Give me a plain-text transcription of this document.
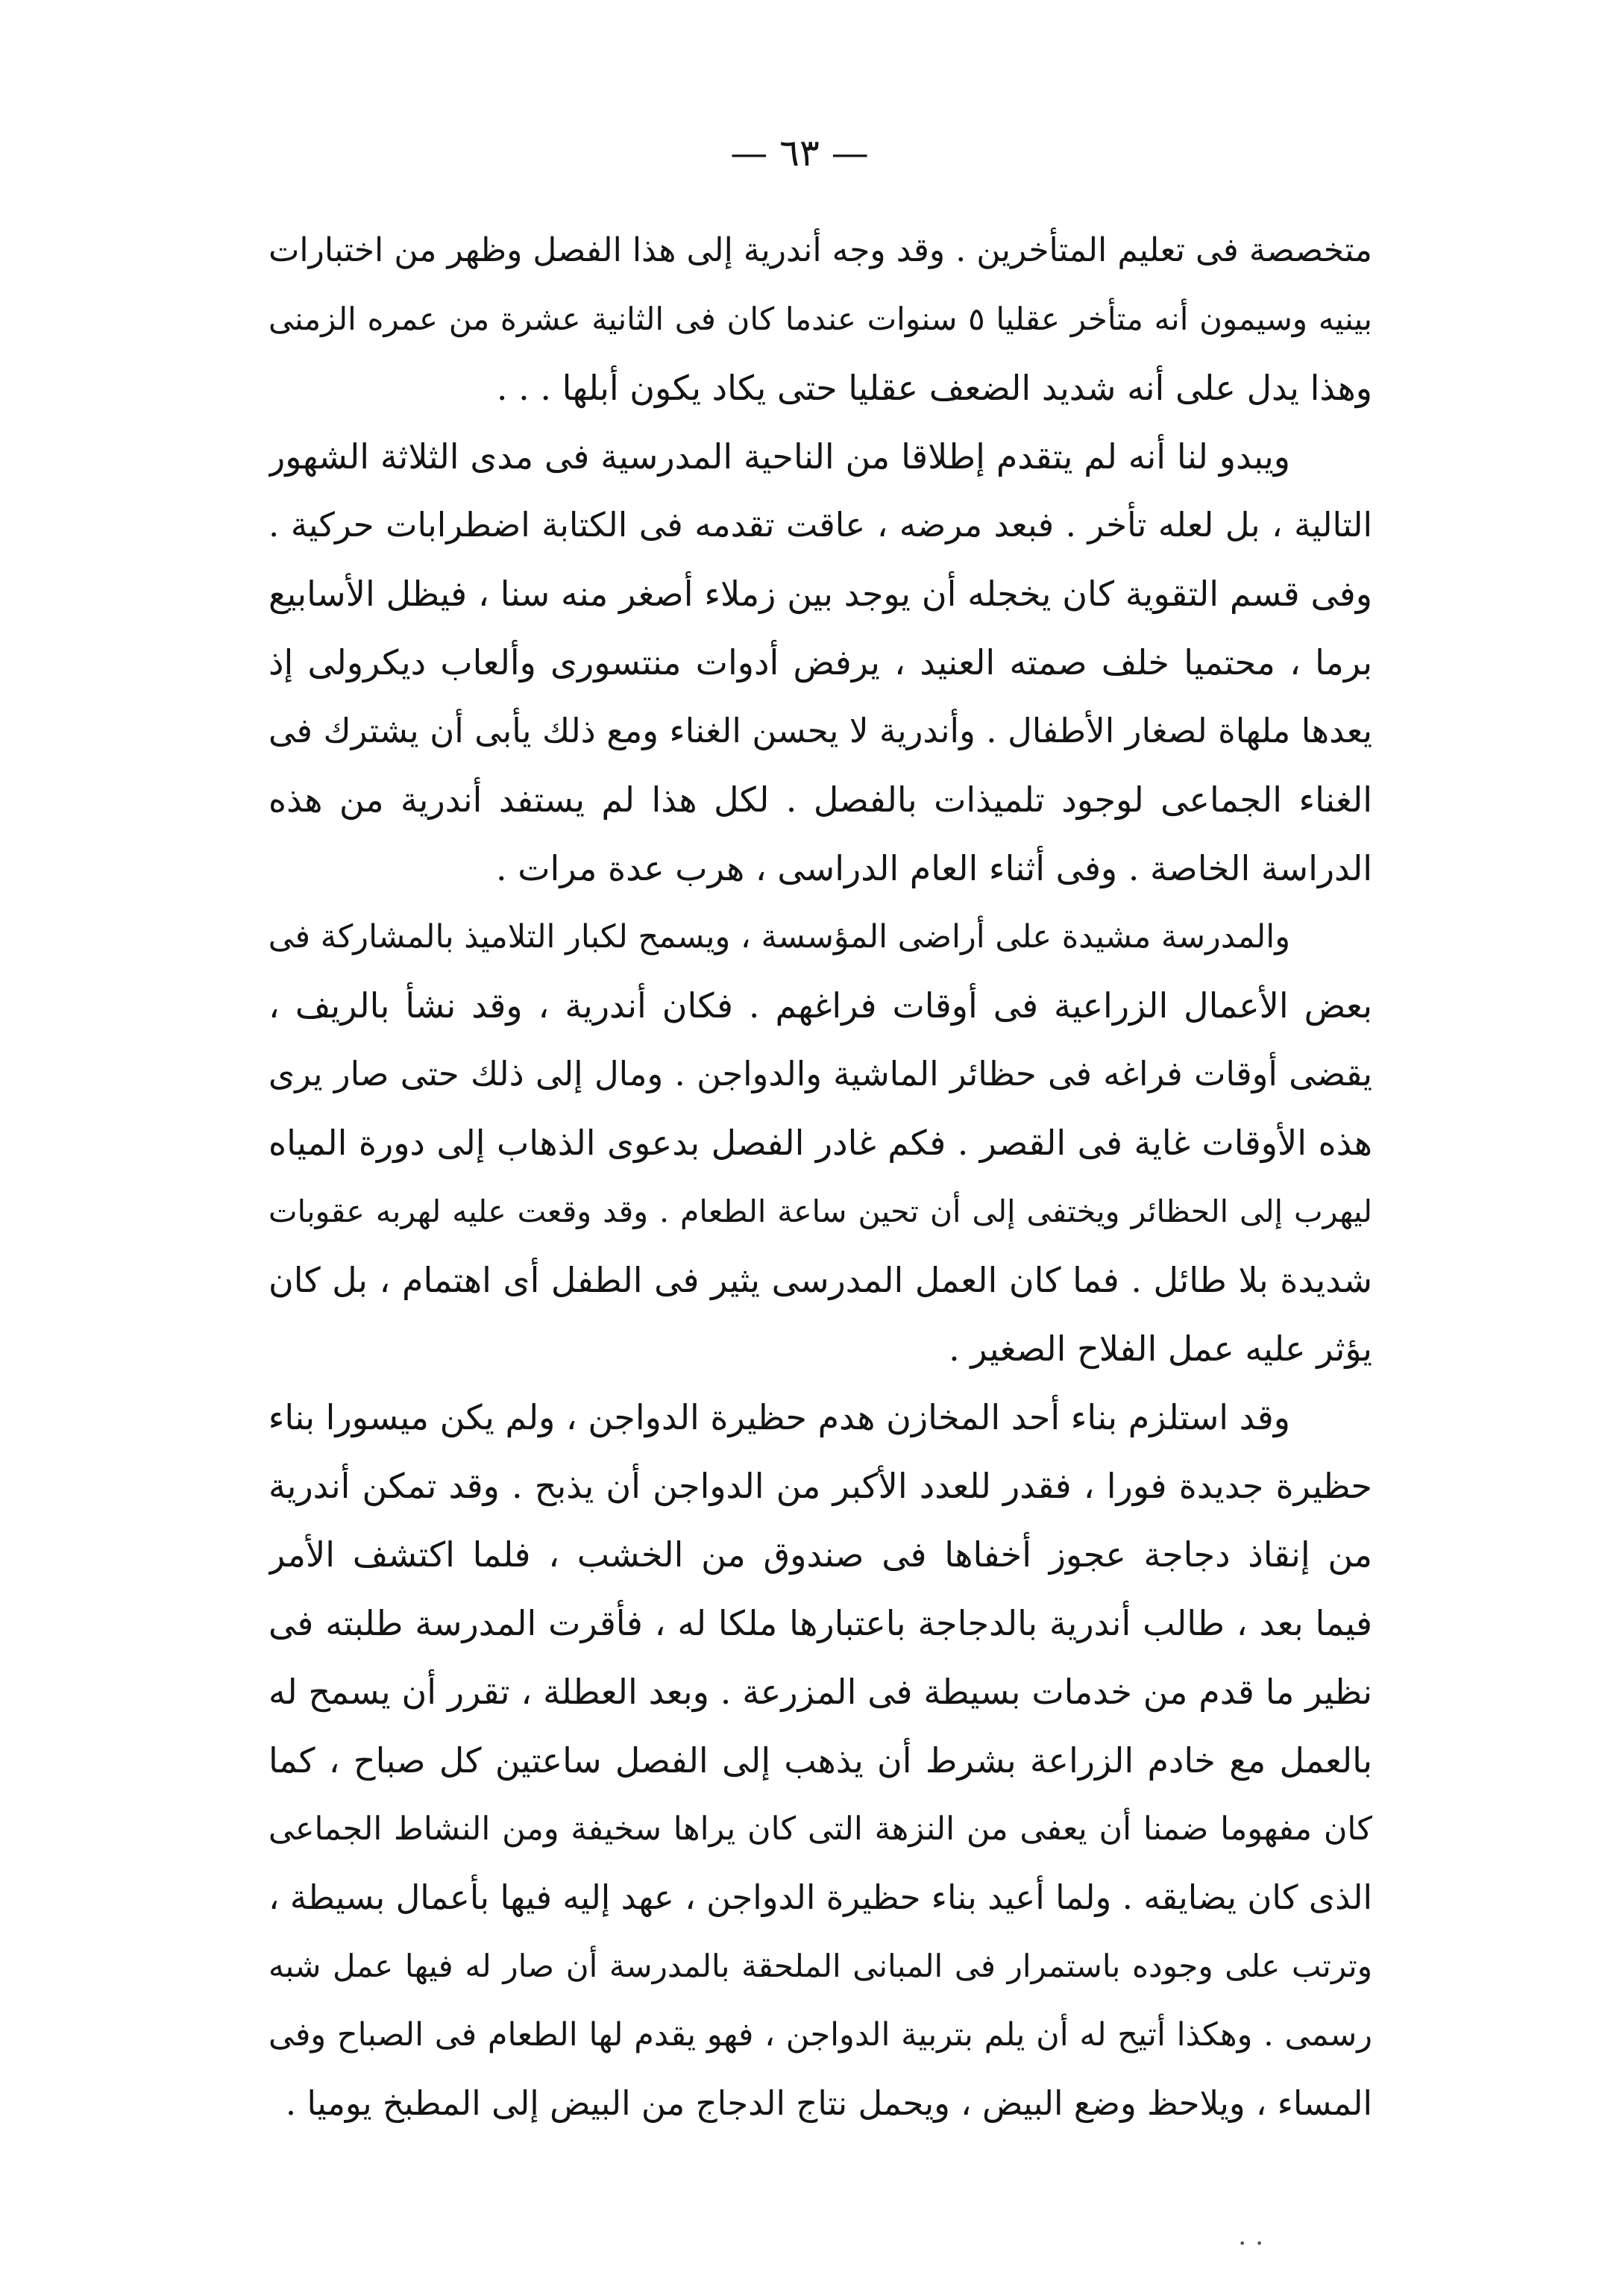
— ٦٣ —
متخصصة فى تعليم المتأخرين . وقد وجه أندرية إلى هذا الفصل وظهر من اختبارات
بينيه وسيمون أنه متأخر عقليا ٥ سنوات عندما كان فى الثانية عشرة من عمره الزمنى
وهذا يدل على أنه شديد الضعف عقليا حتى يكاد يكون أبلها . . .
ويبدو لنا أنه لم يتقدم إطلاقا من الناحية المدرسية فى مدى الثلاثة الشهور
التالية ، بل لعله تأخر . فبعد مرضه ، عاقت تقدمه فى الكتابة اضطرابات حركية .
وفى قسم التقوية كان يخجله أن يوجد بين زملاء أصغر منه سنا ، فيظل الأسابيع
برما ، محتميا خلف صمته العنيد ، يرفض أدوات منتسورى وألعاب ديكرولى إذ
يعدها ملهاة لصغار الأطفال . وأندرية لا يحسن الغناء ومع ذلك يأبى أن يشترك فى
الغناء الجماعى لوجود تلميذات بالفصل . لكل هذا لم يستفد أندرية من هذه
الدراسة الخاصة . وفى أثناء العام الدراسى ، هرب عدة مرات .
والمدرسة مشيدة على أراضى المؤسسة ، ويسمح لكبار التلاميذ بالمشاركة فى
بعض الأعمال الزراعية فى أوقات فراغهم . فكان أندرية ، وقد نشأ بالريف ،
يقضى أوقات فراغه فى حظائر الماشية والدواجن . ومال إلى ذلك حتى صار يرى
هذه الأوقات غاية فى القصر . فكم غادر الفصل بدعوى الذهاب إلى دورة المياه
ليهرب إلى الحظائر ويختفى إلى أن تحين ساعة الطعام . وقد وقعت عليه لهربه عقوبات
شديدة بلا طائل . فما كان العمل المدرسى يثير فى الطفل أى اهتمام ، بل كان
يؤثر عليه عمل الفلاح الصغير .
وقد استلزم بناء أحد المخازن هدم حظيرة الدواجن ، ولم يكن ميسورا بناء
حظيرة جديدة فورا ، فقدر للعدد الأكبر من الدواجن أن يذبح . وقد تمكن أندرية
من إنقاذ دجاجة عجوز أخفاها فى صندوق من الخشب ، فلما اكتشف الأمر
فيما بعد ، طالب أندرية بالدجاجة باعتبارها ملكا له ، فأقرت المدرسة طلبته فى
نظير ما قدم من خدمات بسيطة فى المزرعة . وبعد العطلة ، تقرر أن يسمح له
بالعمل مع خادم الزراعة بشرط أن يذهب إلى الفصل ساعتين كل صباح ، كما
كان مفهوما ضمنا أن يعفى من النزهة التى كان يراها سخيفة ومن النشاط الجماعى
الذى كان يضايقه . ولما أعيد بناء حظيرة الدواجن ، عهد إليه فيها بأعمال بسيطة ،
وترتب على وجوده باستمرار فى المبانى الملحقة بالمدرسة أن صار له فيها عمل شبه
رسمى . وهكذا أتيح له أن يلم بتربية الدواجن ، فهو يقدم لها الطعام فى الصباح وفى
المساء ، ويلاحظ وضع البيض ، ويحمل نتاج الدجاج من البيض إلى المطبخ يوميا .
. .
